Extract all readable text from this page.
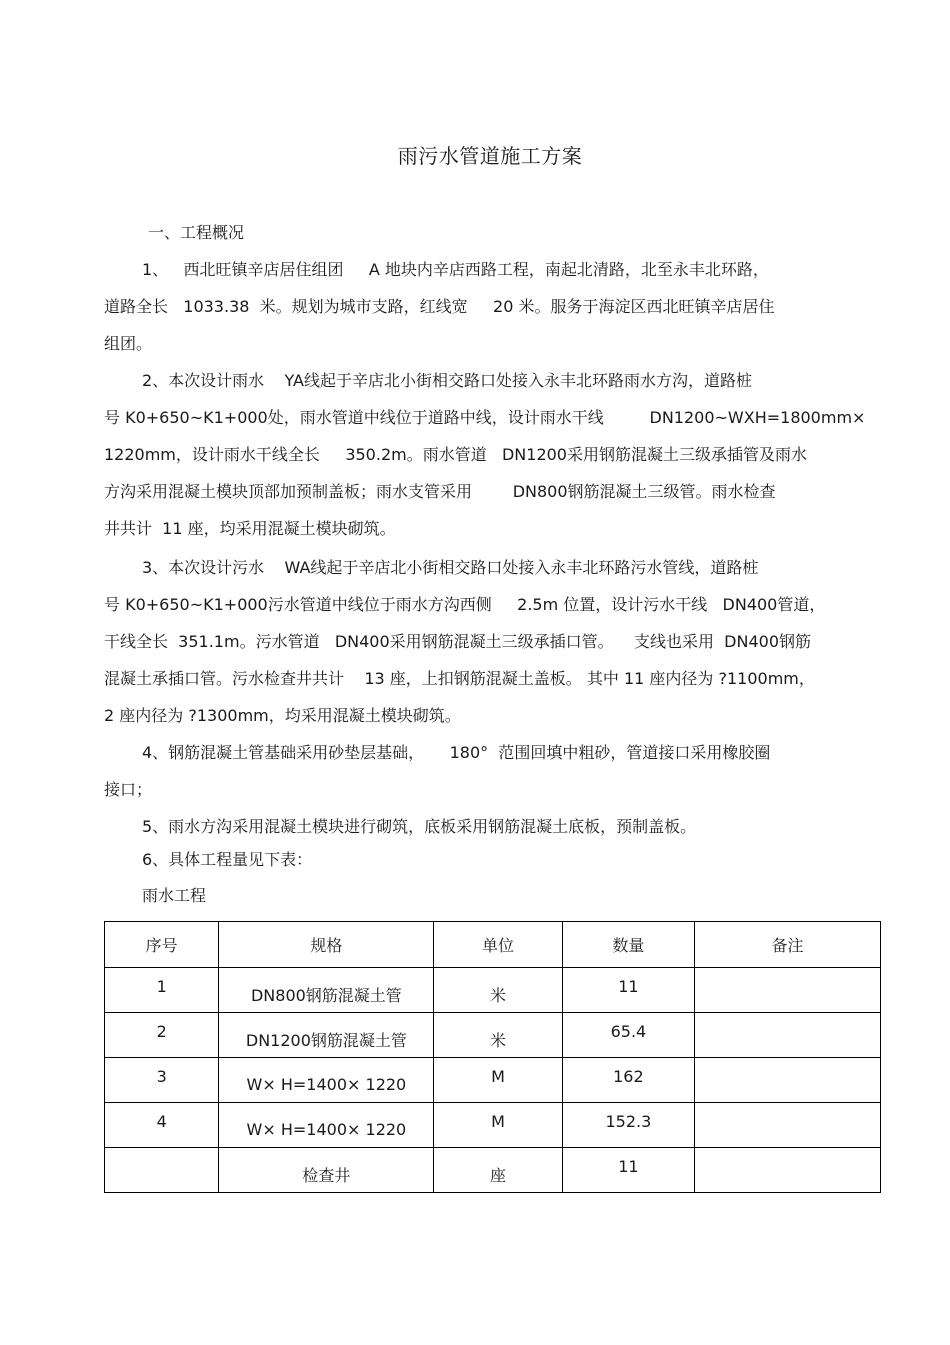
雨污水管道施工方案
一、工程概况
1、   西北旺镇辛店居住组团     A 地块内辛店西路工程，南起北清路，北至永丰北环路，
道路全长   1033.38  米。规划为城市支路，红线宽     20 米。服务于海淀区西北旺镇辛店居住
组团。
2、本次设计雨水    YA线起于辛店北小街相交路口处接入永丰北环路雨水方沟，道路桩
号 K0+650~K1+000处，雨水管道中线位于道路中线，设计雨水干线         DN1200~WXH=1800mm×
1220mm，设计雨水干线全长     350.2m。雨水管道   DN1200采用钢筋混凝土三级承插管及雨水
方沟采用混凝土模块顶部加预制盖板；雨水支管采用        DN800钢筋混凝土三级管。雨水检查
井共计  11 座，均采用混凝土模块砌筑。
3、本次设计污水    WA线起于辛店北小街相交路口处接入永丰北环路污水管线，道路桩
号 K0+650~K1+000污水管道中线位于雨水方沟西侧     2.5m 位置，设计污水干线   DN400管道，
干线全长  351.1m。污水管道   DN400采用钢筋混凝土三级承插口管。    支线也采用  DN400钢筋
混凝土承插口管。污水检查井共计    13 座，上扣钢筋混凝土盖板。 其中 11 座内径为 ?1100mm，
2 座内径为 ?1300mm，均采用混凝土模块砌筑。
4、钢筋混凝土管基础采用砂垫层基础，     180°  范围回填中粗砂，管道接口采用橡胶圈
接口；
5、雨水方沟采用混凝土模块进行砌筑，底板采用钢筋混凝土底板，预制盖板。
6、具体工程量见下表：
雨水工程
序号	规格	单位	数量	备注
1	DN800钢筋混凝土管	米	11	
2	DN1200钢筋混凝土管	米	65.4	
3	W× H=1400× 1220	M	162	
4	W× H=1400× 1220	M	152.3	
	检查井	座	11	
